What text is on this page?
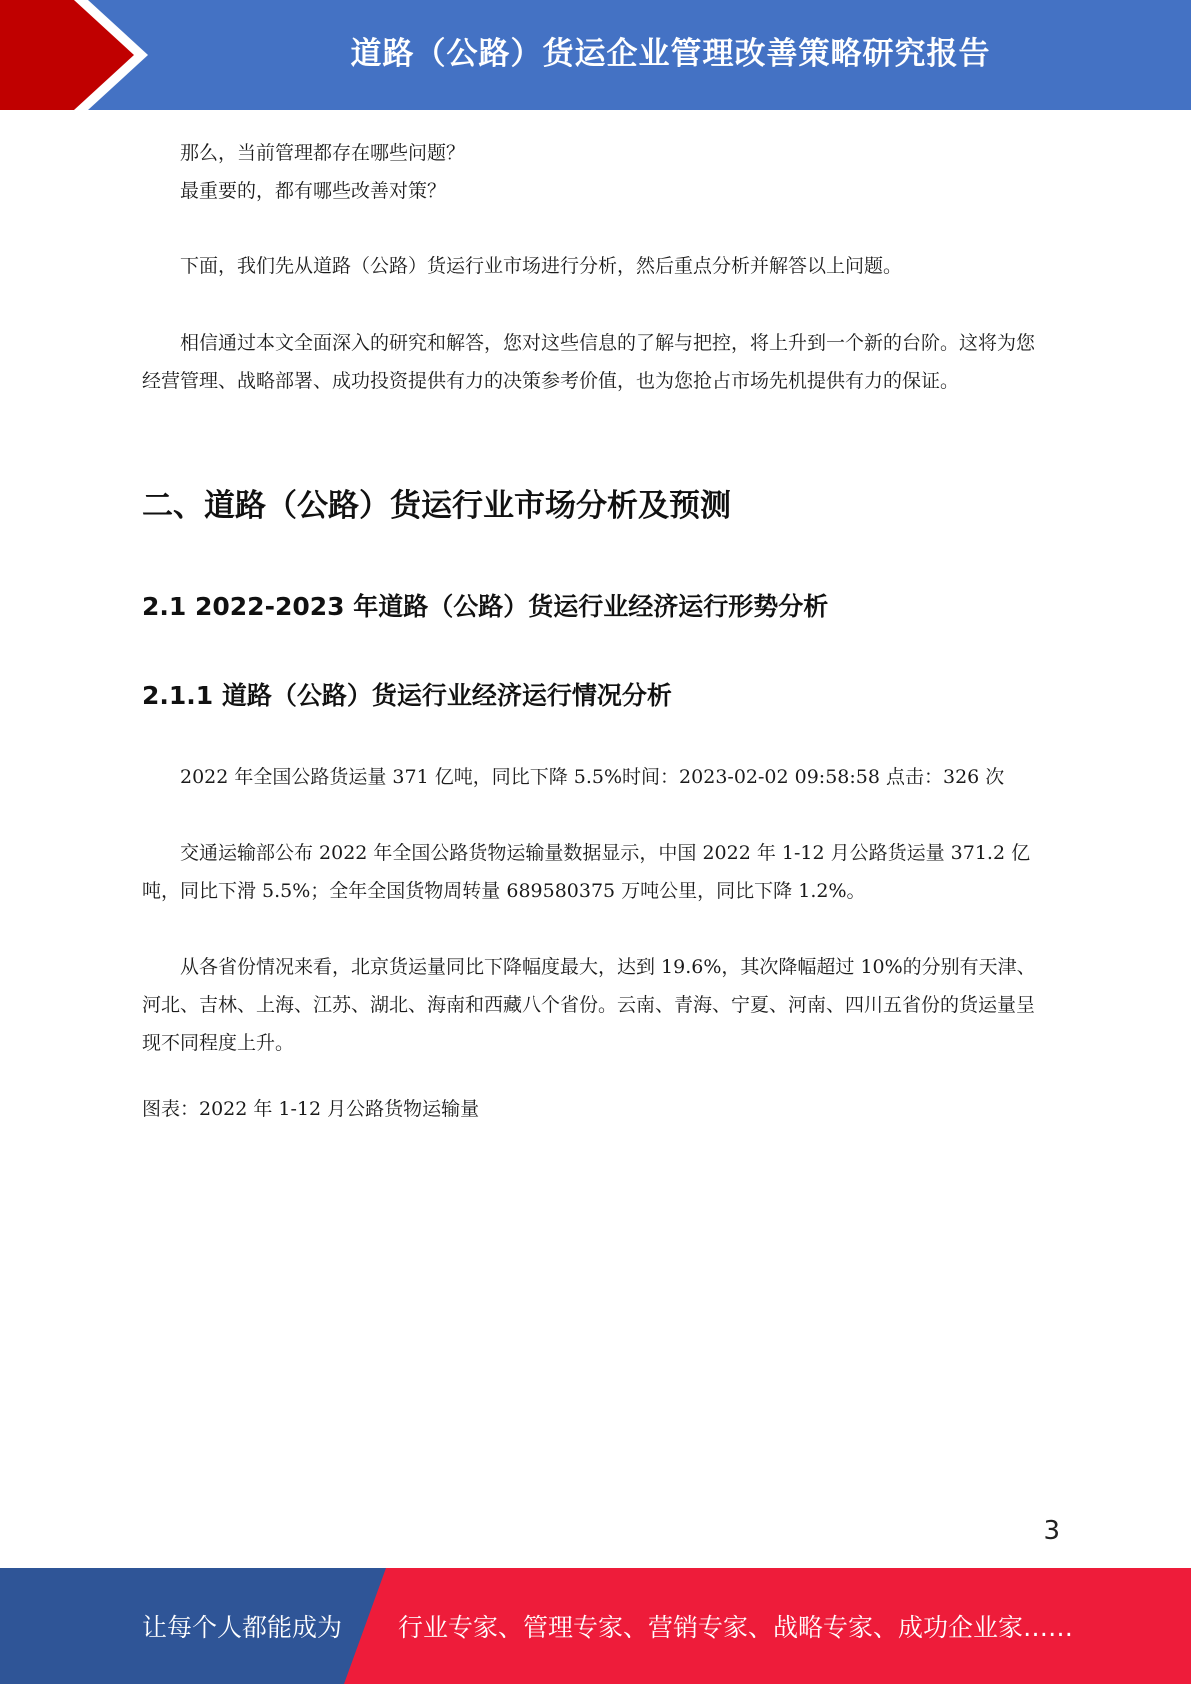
道路（公路）货运企业管理改善策略研究报告

那么，当前管理都存在哪些问题？

最重要的，都有哪些改善对策？

下面，我们先从道路（公路）货运行业市场进行分析，然后重点分析并解答以上问题。

相信通过本文全面深入的研究和解答，您对这些信息的了解与把控，将上升到一个新的台阶。这将为您经营管理、战略部署、成功投资提供有力的决策参考价值，也为您抢占市场先机提供有力的保证。

二、道路（公路）货运行业市场分析及预测
2.1 2022-2023 年道路（公路）货运行业经济运行形势分析
2.1.1 道路（公路）货运行业经济运行情况分析

2022 年全国公路货运量 371 亿吨，同比下降 5.5%时间：2023-02-02 09:58:58 点击：326 次

交通运输部公布 2022 年全国公路货物运输量数据显示，中国 2022 年 1-12 月公路货运量 371.2 亿吨，同比下滑 5.5%；全年全国货物周转量 689580375 万吨公里，同比下降 1.2%。

从各省份情况来看，北京货运量同比下降幅度最大，达到 19.6%，其次降幅超过 10%的分别有天津、河北、吉林、上海、江苏、湖北、海南和西藏八个省份。云南、青海、宁夏、河南、四川五省份的货运量呈现不同程度上升。

图表：2022 年 1-12 月公路货物运输量

3
让每个人都能成为 行业专家、管理专家、营销专家、战略专家、成功企业家……
